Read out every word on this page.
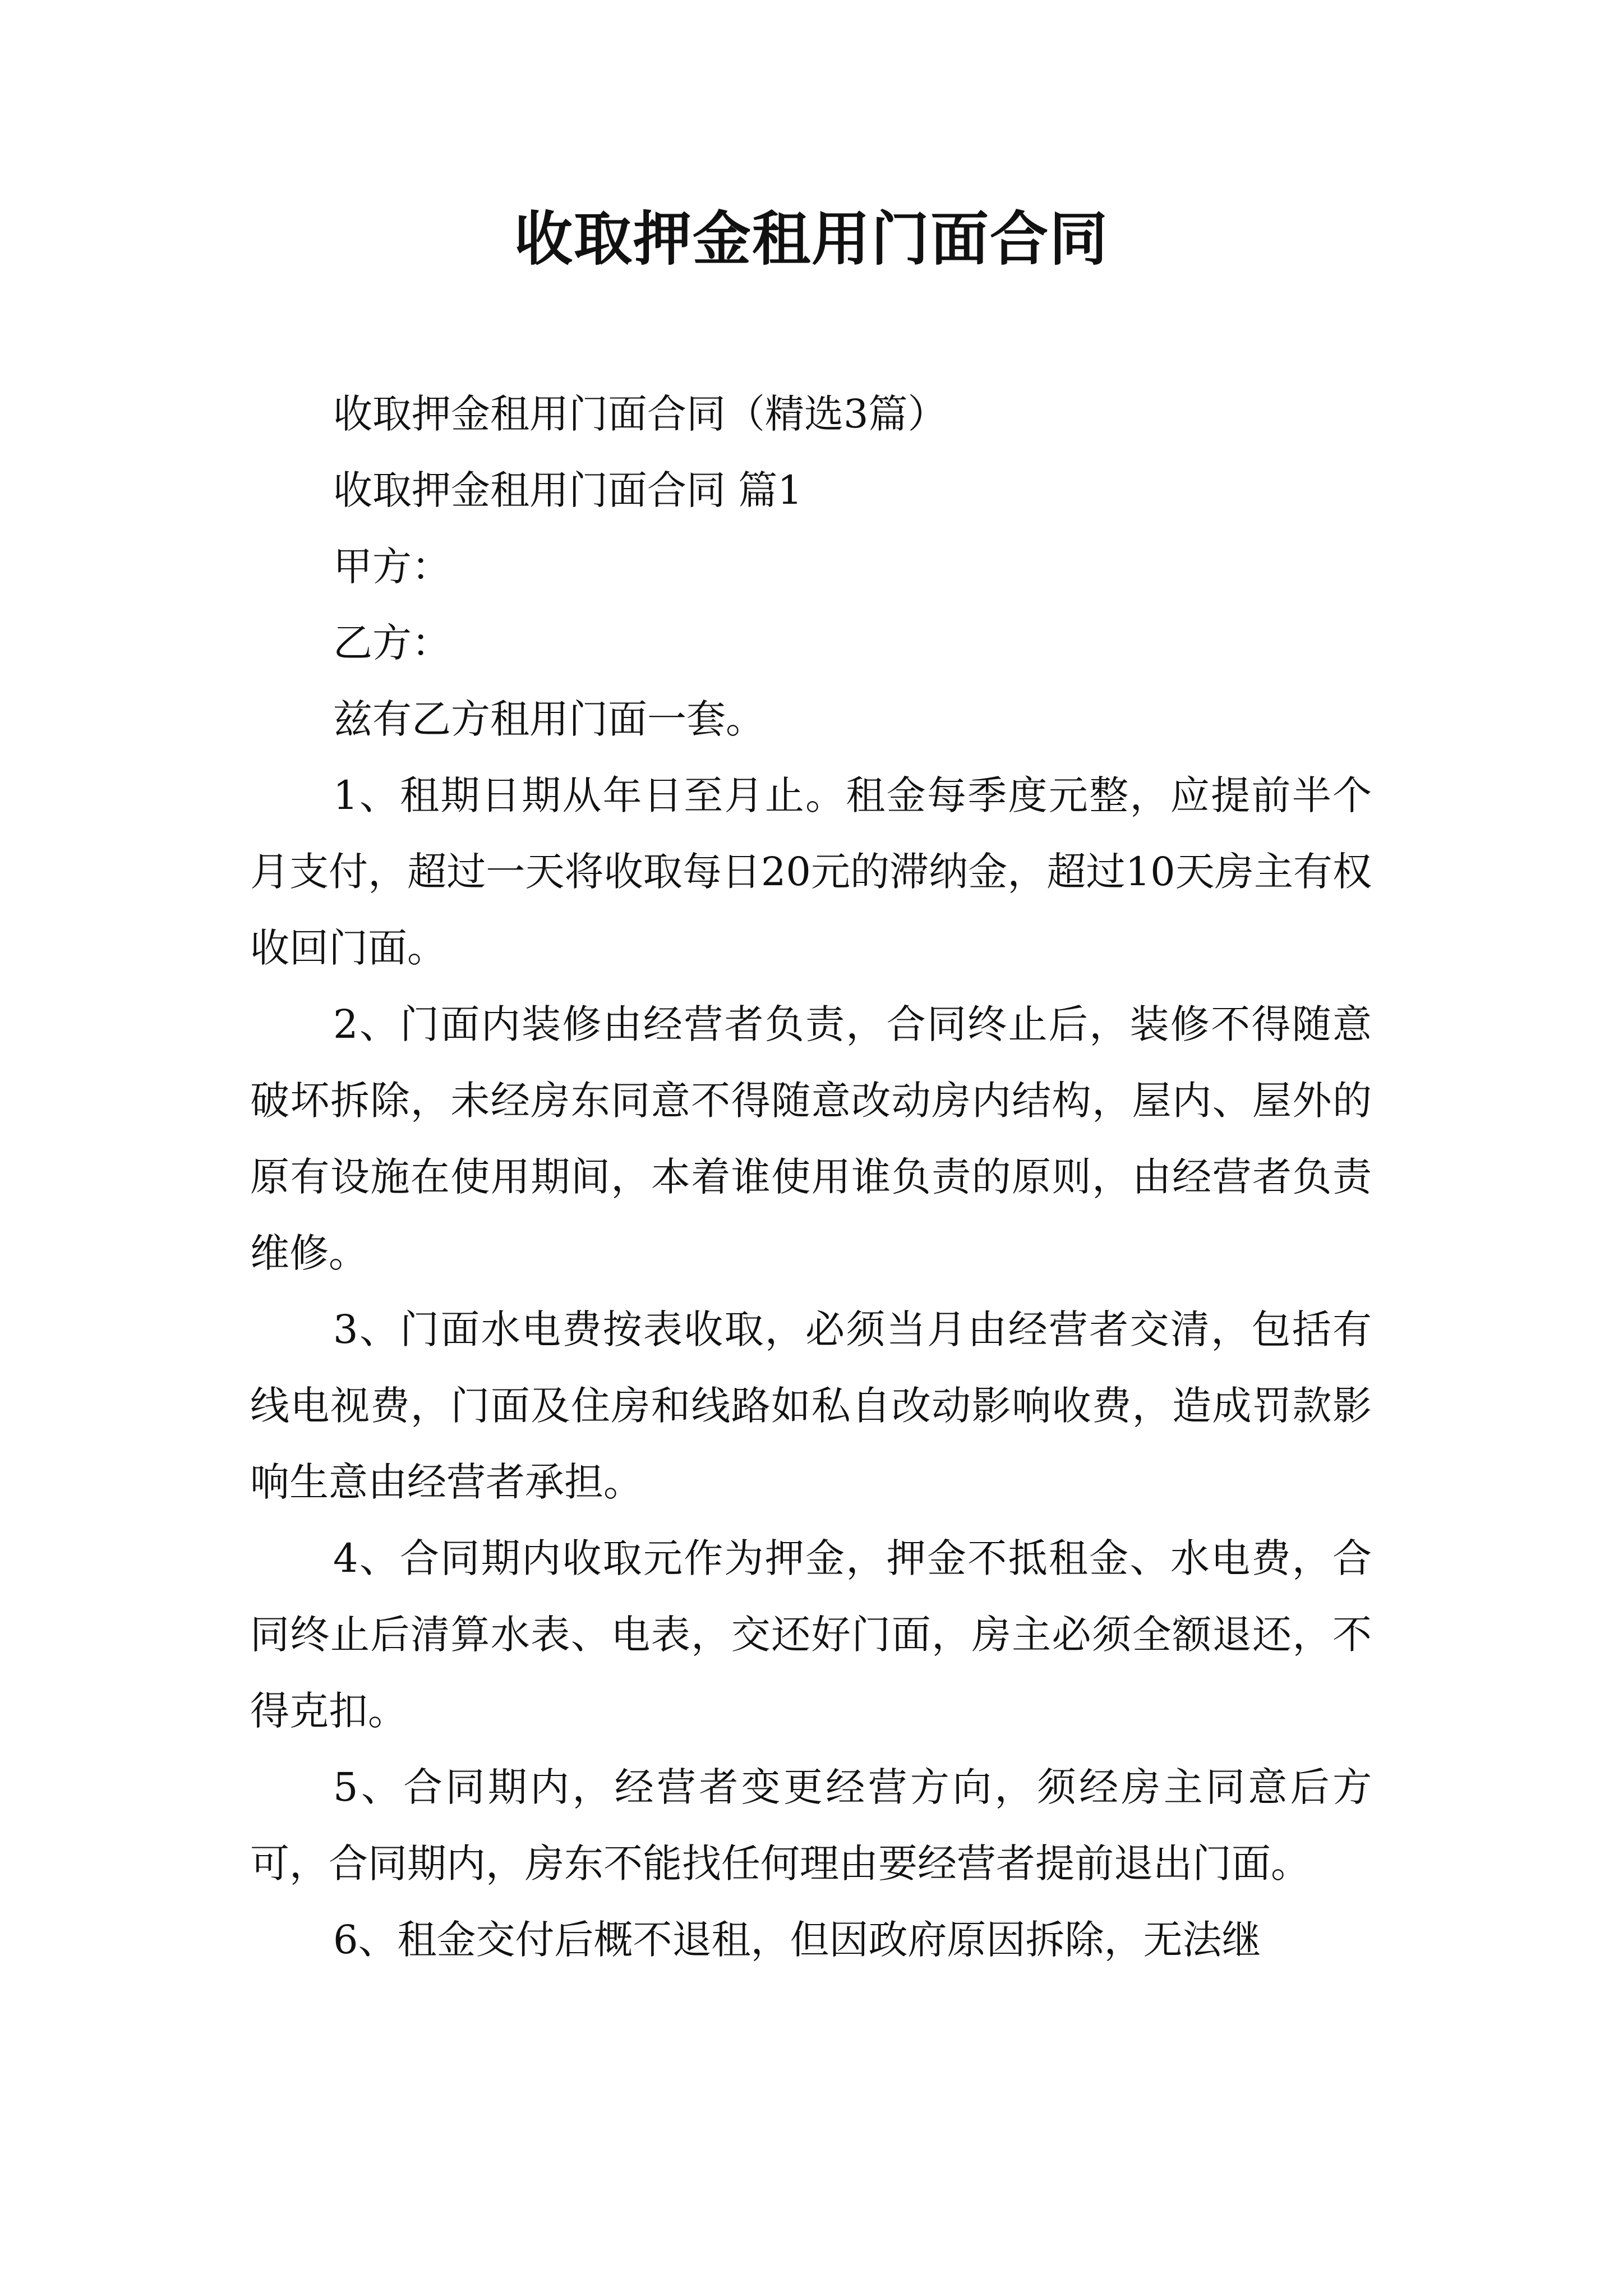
收取押金租用门面合同

收取押金租用门面合同（精选3篇）

收取押金租用门面合同 篇1

甲方：

乙方：

兹有乙方租用门面一套。

1、租期日期从年日至月止。租金每季度元整，应提前半个月支付，超过一天将收取每日20元的滞纳金，超过10天房主有权收回门面。

2、门面内装修由经营者负责，合同终止后，装修不得随意破坏拆除，未经房东同意不得随意改动房内结构，屋内、屋外的原有设施在使用期间，本着谁使用谁负责的原则，由经营者负责维修。

3、门面水电费按表收取，必须当月由经营者交清，包括有线电视费，门面及住房和线路如私自改动影响收费，造成罚款影响生意由经营者承担。

4、合同期内收取元作为押金，押金不抵租金、水电费，合同终止后清算水表、电表，交还好门面，房主必须全额退还，不得克扣。

5、合同期内，经营者变更经营方向，须经房主同意后方可，合同期内，房东不能找任何理由要经营者提前退出门面。

6、租金交付后概不退租，但因政府原因拆除，无法继
